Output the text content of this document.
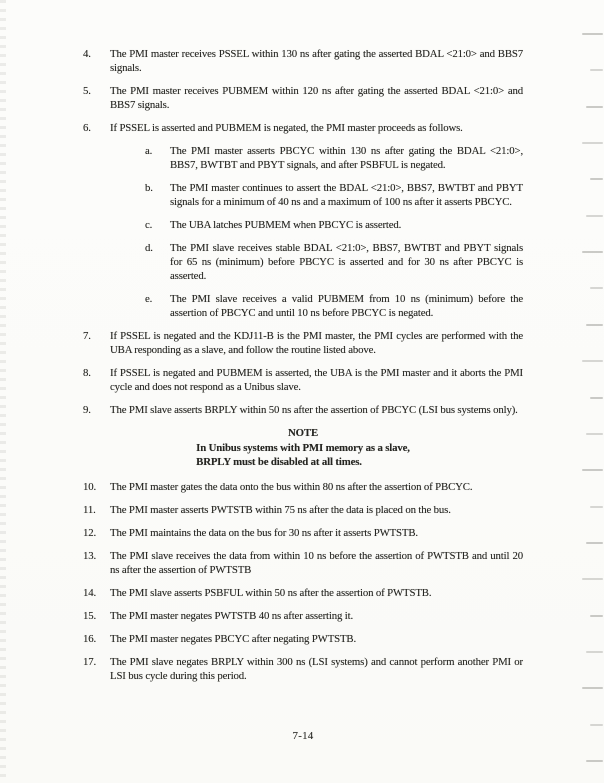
4.	The PMI master receives PSSEL within 130 ns after gating the asserted BDAL <21:0> and BBS7 signals.
5.	The PMI master receives PUBMEM within 120 ns after gating the asserted BDAL <21:0> and BBS7 signals.
6.	If PSSEL is asserted and PUBMEM is negated, the PMI master proceeds as follows.
a.	The PMI master asserts PBCYC within 130 ns after gating the BDAL <21:0>, BBS7, BWTBT and PBYT signals, and after PSBFUL is negated.
b.	The PMI master continues to assert the BDAL <21:0>, BBS7, BWTBT and PBYT signals for a minimum of 40 ns and a maximum of 100 ns after it asserts PBCYC.
c.	The UBA latches PUBMEM when PBCYC is asserted.
d.	The PMI slave receives stable BDAL <21:0>, BBS7, BWTBT and PBYT signals for 65 ns (minimum) before PBCYC is asserted and for 30 ns after PBCYC is asserted.
e.	The PMI slave receives a valid PUBMEM from 10 ns (minimum) before the assertion of PBCYC and until 10 ns before PBCYC is negated.
7.	If PSSEL is negated and the KDJ11-B is the PMI master, the PMI cycles are performed with the UBA responding as a slave, and follow the routine listed above.
8.	If PSSEL is negated and PUBMEM is asserted, the UBA is the PMI master and it aborts the PMI cycle and does not respond as a Unibus slave.
9.	The PMI slave asserts BRPLY within 50 ns after the assertion of PBCYC (LSI bus systems only).
NOTE
In Unibus systems with PMI memory as a slave,
BRPLY must be disabled at all times.
10.	The PMI master gates the data onto the bus within 80 ns after the assertion of PBCYC.
11.	The PMI master asserts PWTSTB within 75 ns after the data is placed on the bus.
12.	The PMI maintains the data on the bus for 30 ns after it asserts PWTSTB.
13.	The PMI slave receives the data from within 10 ns before the assertion of PWTSTB and until 20 ns after the assertion of PWTSTB
14.	The PMI slave asserts PSBFUL within 50 ns after the assertion of PWTSTB.
15.	The PMI master negates PWTSTB 40 ns after asserting it.
16.	The PMI master negates PBCYC after negating PWTSTB.
17.	The PMI slave negates BRPLY within 300 ns (LSI systems) and cannot perform another PMI or LSI bus cycle during this period.
7-14
